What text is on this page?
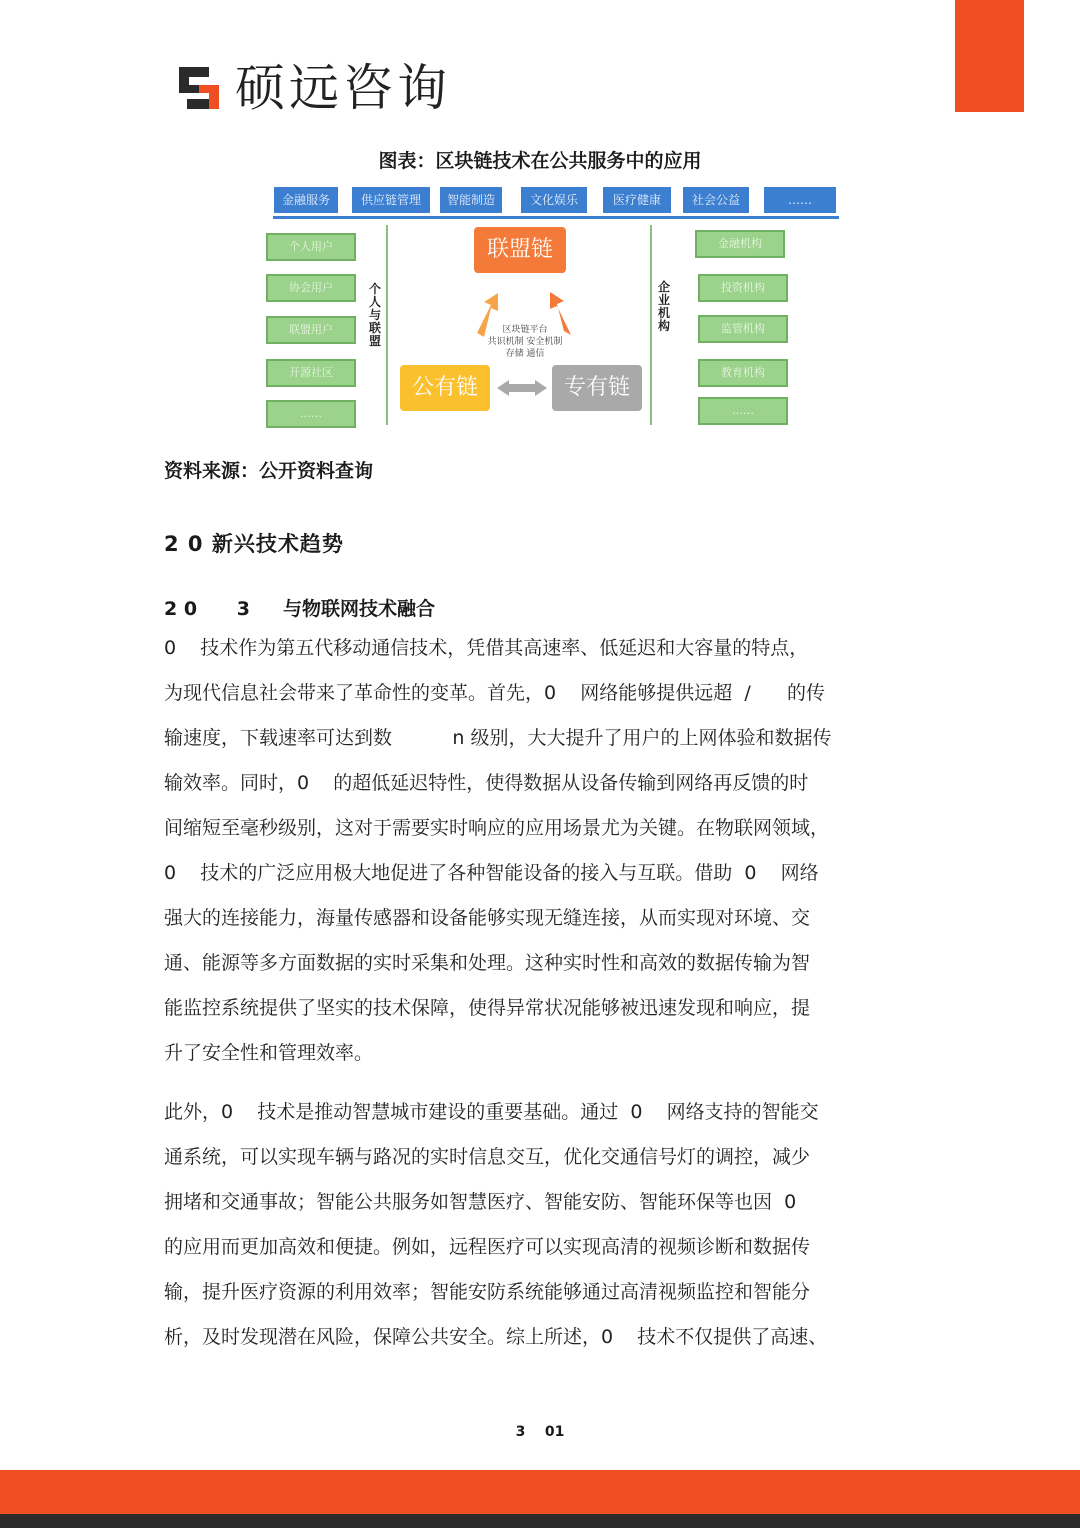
硕远咨询
图表：区块链技术在公共服务中的应用
金融服务	供应链管理	智能制造	文化娱乐	医疗健康	社会公益	……
个人用户
协会用户
联盟用户
开源社区
……
个
人
与
联
盟
金融机构
投资机构
监管机构
教育机构
……
企
业
机
构
联盟链
公有链	专有链
区块链平台
共识机制 安全机制
存储 通信
资料来源：公开资料查询
2 0 新兴技术趋势
2 0      3     与物联网技术融合
0    技术作为第五代移动通信技术，凭借其高速率、低延迟和大容量的特点，
为现代信息社会带来了革命性的变革。首先，0    网络能够提供远超  /      的传
输速度，下载速率可达到数          n 级别，大大提升了用户的上网体验和数据传
输效率。同时，0    的超低延迟特性，使得数据从设备传输到网络再反馈的时
间缩短至毫秒级别，这对于需要实时响应的应用场景尤为关键。在物联网领域，
0    技术的广泛应用极大地促进了各种智能设备的接入与互联。借助  0    网络
强大的连接能力，海量传感器和设备能够实现无缝连接，从而实现对环境、交
通、能源等多方面数据的实时采集和处理。这种实时性和高效的数据传输为智
能监控系统提供了坚实的技术保障，使得异常状况能够被迅速发现和响应，提
升了安全性和管理效率。
此外，0    技术是推动智慧城市建设的重要基础。通过  0    网络支持的智能交
通系统，可以实现车辆与路况的实时信息交互，优化交通信号灯的调控，减少
拥堵和交通事故；智能公共服务如智慧医疗、智能安防、智能环保等也因  0
的应用而更加高效和便捷。例如，远程医疗可以实现高清的视频诊断和数据传
输，提升医疗资源的利用效率；智能安防系统能够通过高清视频监控和智能分
析，及时发现潜在风险，保障公共安全。综上所述，0    技术不仅提供了高速、
3    01
